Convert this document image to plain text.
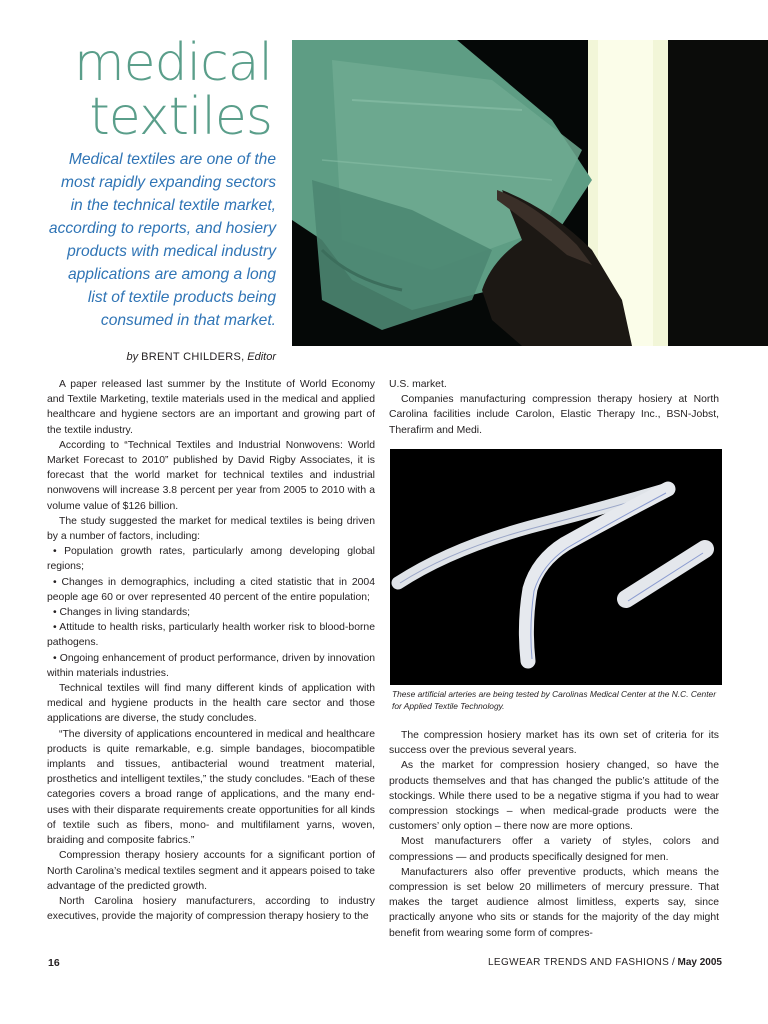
medical
textiles
Medical textiles are one of the most rapidly expanding sectors in the technical textile market, according to reports, and hosiery products with medical industry applications are among a long list of textile products being consumed in that market.
by BRENT CHILDERS, Editor

A paper released last summer by the Institute of World Economy and Textile Marketing, textile materials used in the medical and applied healthcare and hygiene sectors are an important and growing part of the textile industry.

According to “Technical Textiles and Industrial Nonwovens: World Market Forecast to 2010” published by David Rigby Associates, it is forecast that the world market for technical textiles and industrial nonwovens will increase 3.8 percent per year from 2005 to 2010 with a volume value of $126 billion.

The study suggested the market for medical textiles is being driven by a number of factors, including:

• Population growth rates, particularly among developing global regions;

• Changes in demographics, including a cited statistic that in 2004 people age 60 or over represented 40 percent of the entire population;

• Changes in living standards;

• Attitude to health risks, particularly health worker risk to blood-borne pathogens.

• Ongoing enhancement of product performance, driven by innovation within materials industries.

Technical textiles will find many different kinds of application with medical and hygiene products in the health care sector and those applications are diverse, the study concludes.

“The diversity of applications encountered in medical and healthcare products is quite remarkable, e.g. simple bandages, biocompatible implants and tissues, antibacterial wound treatment material, prosthetics and intelligent textiles,” the study concludes. “Each of these categories covers a broad range of applications, and the many end-uses with their disparate requirements create opportunities for all kinds of textile such as fibers, mono- and multifilament yarns, woven, braiding and composite fabrics.”

Compression therapy hosiery accounts for a significant portion of North Carolina’s medical textiles segment and it appears poised to take advantage of the predicted growth.

North Carolina hosiery manufacturers, according to industry executives, provide the majority of compression therapy hosiery to the

U.S. market.

Companies manufacturing compression therapy hosiery at North Carolina facilities include Carolon, Elastic Therapy Inc., BSN-Jobst, Therafirm and Medi.

These artificial arteries are being tested by Carolinas Medical Center at the N.C. Center for Applied Textile Technology.

The compression hosiery market has its own set of criteria for its success over the previous several years.

As the market for compression hosiery changed, so have the products themselves and that has changed the public’s attitude of the stockings. While there used to be a negative stigma if you had to wear compression stockings – when medical-grade products were the customers’ only option – there now are more options.

Most manufacturers offer a variety of styles, colors and compressions — and products specifically designed for men.

Manufacturers also offer preventive products, which means the compression is set below 20 millimeters of mercury pressure. That makes the target audience almost limitless, experts say, since practically anyone who sits or stands for the majority of the day might benefit from wearing some form of compres-

16	LEGWEAR TRENDS AND FASHIONS / May 2005
